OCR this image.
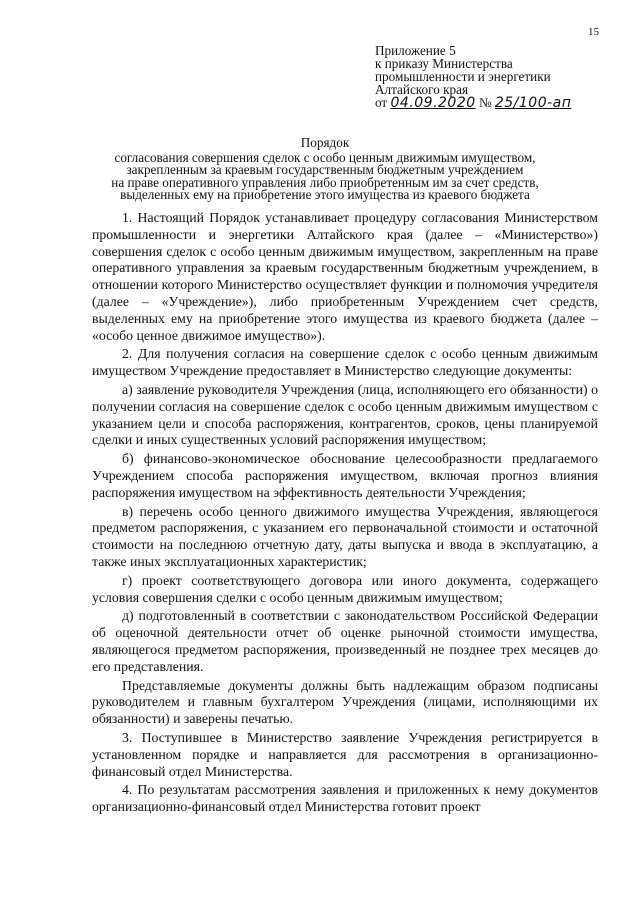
15
Приложение 5
к приказу Министерства
промышленности и энергетики
Алтайского края
от 04.09.2020 № 25/100-ап
Порядок
согласования совершения сделок с особо ценным движимым имуществом,
закрепленным за краевым государственным бюджетным учреждением
на праве оперативного управления либо приобретенным им за счет средств,
выделенных ему на приобретение этого имущества из краевого бюджета

1. Настоящий Порядок устанавливает процедуру согласования Министерством промышленности и энергетики Алтайского края (далее – «Министерство») совершения сделок с особо ценным движимым имуществом, закрепленным на праве оперативного управления за краевым государственным бюджетным учреждением, в отношении которого Министерство осуществляет функции и полномочия учредителя (далее – «Учреждение»), либо приобретенным Учреждением счет средств, выделенных ему на приобретение этого имущества из краевого бюджета (далее – «особо ценное движимое имущество»).

2. Для получения согласия на совершение сделок с особо ценным движимым имуществом Учреждение предоставляет в Министерство следующие документы:

а) заявление руководителя Учреждения (лица, исполняющего его обязанности) о получении согласия на совершение сделок с особо ценным движимым имуществом с указанием цели и способа распоряжения, контрагентов, сроков, цены планируемой сделки и иных существенных условий распоряжения имуществом;

б) финансово-экономическое обоснование целесообразности предлагаемого Учреждением способа распоряжения имуществом, включая прогноз влияния распоряжения имуществом на эффективность деятельности Учреждения;

в) перечень особо ценного движимого имущества Учреждения, являющегося предметом распоряжения, с указанием его первоначальной стоимости и остаточной стоимости на последнюю отчетную дату, даты выпуска и ввода в эксплуатацию, а также иных эксплуатационных характеристик;

г) проект соответствующего договора или иного документа, содержащего условия совершения сделки с особо ценным движимым имуществом;

д) подготовленный в соответствии с законодательством Российской Федерации об оценочной деятельности отчет об оценке рыночной стоимости имущества, являющегося предметом распоряжения, произведенный не позднее трех месяцев до его представления.

Представляемые документы должны быть надлежащим образом подписаны руководителем и главным бухгалтером Учреждения (лицами, исполняющими их обязанности) и заверены печатью.

3. Поступившее в Министерство заявление Учреждения регистрируется в установленном порядке и направляется для рассмотрения в организационно-финансовый отдел Министерства.

4. По результатам рассмотрения заявления и приложенных к нему документов организационно-финансовый отдел Министерства готовит проект
